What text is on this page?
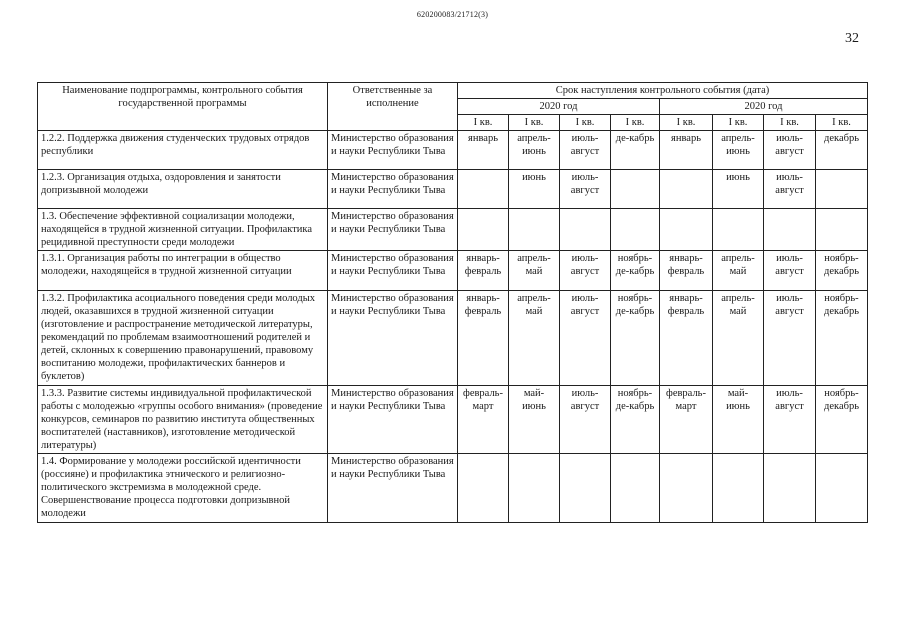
620200083/21712(3)
32
Наименование подпрограммы, контрольного события государственной программы	Ответственные за исполнение	Срок наступления контрольного события (дата)							
		2020 год				2020 год			
		I кв.	I кв.	I кв.	I кв.	I кв.	I кв.	I кв.	I кв.
1.2.2. Поддержка движения студенческих трудовых отрядов республики	Министерство образования и науки Республики Тыва	январь	апрель-июнь	июль-август	де-кабрь	январь	апрель-июнь	июль-август	декабрь
1.2.3. Организация отдыха, оздоровления и занятости допризывной молодежи	Министерство образования и науки Республики Тыва		июнь	июль-август			июнь	июль-август	
1.3. Обеспечение эффективной социализации молодежи, находящейся в трудной жизненной ситуации. Профилактика рецидивной преступности среди молодежи	Министерство образования и науки Республики Тыва								
1.3.1. Организация работы по интеграции в общество молодежи, находящейся в трудной жизненной ситуации	Министерство образования и науки Республики Тыва	январь-февраль	апрель-май	июль-август	ноябрь-де-кабрь	январь-февраль	апрель-май	июль-август	ноябрь-декабрь
1.3.2. Профилактика асоциального поведения среди молодых людей, оказавшихся в трудной жизненной ситуации (изготовление и распространение методической литературы, рекомендаций по проблемам взаимоотношений родителей и детей, склонных к совершению правонарушений, правовому воспитанию молодежи, профилактических баннеров и буклетов)	Министерство образования и науки Республики Тыва	январь-февраль	апрель-май	июль-август	ноябрь-де-кабрь	январь-февраль	апрель-май	июль-август	ноябрь-декабрь
1.3.3. Развитие системы индивидуальной профилактической работы с молодежью «группы особого внимания» (проведение конкурсов, семинаров по развитию института общественных воспитателей (наставников), изготовление методической литературы)	Министерство образования и науки Республики Тыва	февраль-март	май-июнь	июль-август	ноябрь-де-кабрь	февраль-март	май-июнь	июль-август	ноябрь-декабрь
1.4. Формирование у молодежи российской идентичности (россияне) и профилактика этнического и религиозно-политического экстремизма в молодежной среде. Совершенствование процесса подготовки допризывной молодежи	Министерство образования и науки Республики Тыва								
